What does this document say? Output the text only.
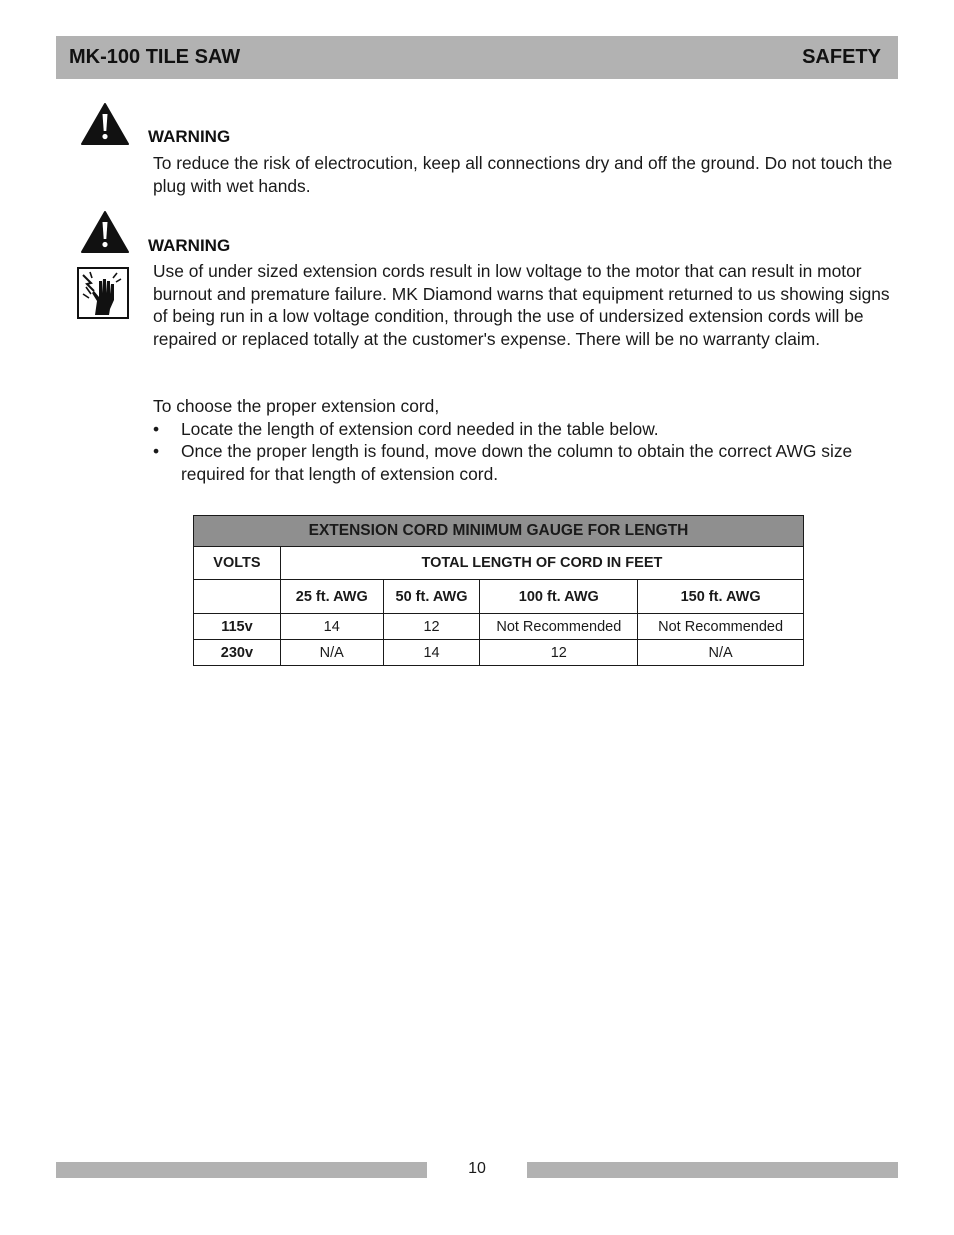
MK-100 TILE SAW	SAFETY
WARNING
To reduce the risk of electrocution, keep all connections dry and off the ground. Do not touch the plug with wet hands.
WARNING
Use of under sized extension cords result in low voltage to the motor that can result in motor burnout and premature failure. MK Diamond warns that equipment returned to us showing signs of being run in a low voltage condition, through the use of undersized extension cords will be repaired or replaced totally at the customer's expense. There will be no warranty claim.
To choose the proper extension cord,
• Locate the length of extension cord needed in the table below.
• Once the proper length is found, move down the column to obtain the correct AWG size required for that length of extension cord.
EXTENSION CORD MINIMUM GAUGE FOR LENGTH				
VOLTS	TOTAL LENGTH OF CORD IN FEET			
	25 ft. AWG	50 ft. AWG	100 ft. AWG	150 ft. AWG
115v	14	12	Not Recommended	Not Recommended
230v	N/A	14	12	N/A
10
